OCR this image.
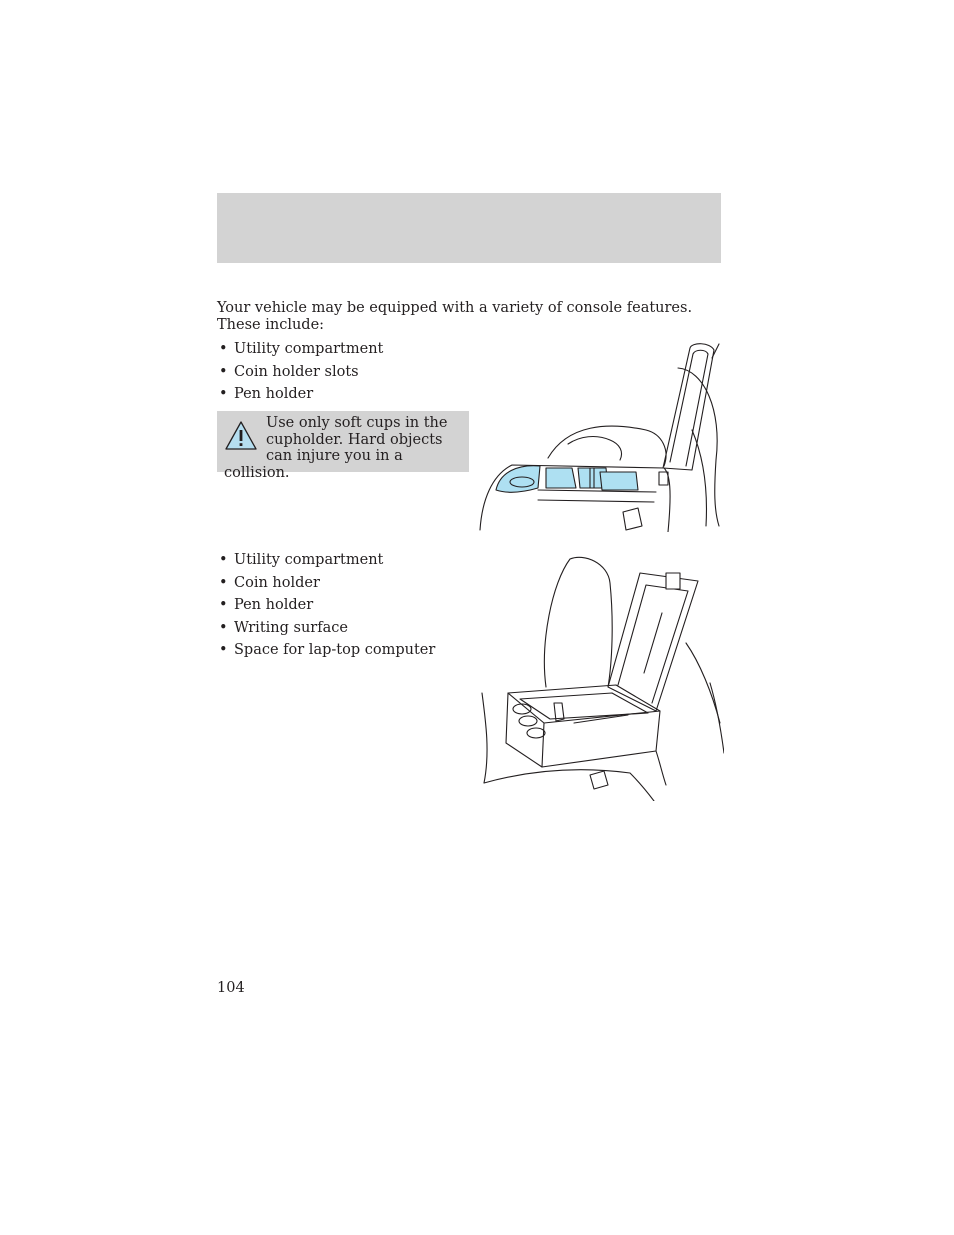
Your vehicle may be equipped with a variety of console features. These include:

• Utility compartment
• Coin holder slots
• Pen holder
Use only soft cups in the cupholder. Hard objects can injure you in a collision.
• Utility compartment
• Coin holder
• Pen holder
• Writing surface
• Space for lap-top computer
104
